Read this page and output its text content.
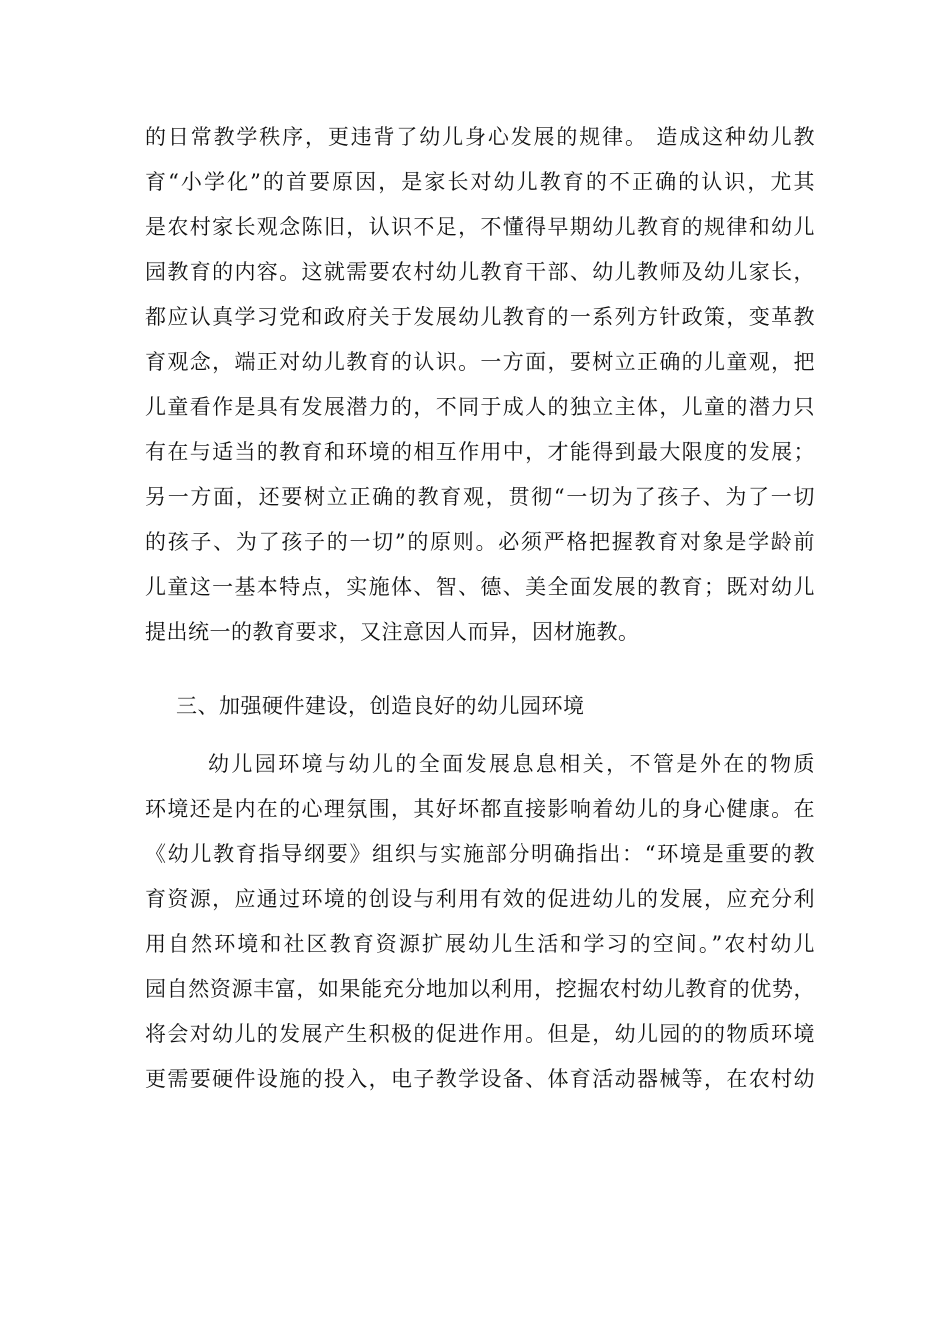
的日常教学秩序，更违背了幼儿身心发展的规律。 造成这种幼儿教
育“小学化”的首要原因，是家长对幼儿教育的不正确的认识，尤其
是农村家长观念陈旧，认识不足，不懂得早期幼儿教育的规律和幼儿
园教育的内容。这就需要农村幼儿教育干部、幼儿教师及幼儿家长，
都应认真学习党和政府关于发展幼儿教育的一系列方针政策，变革教
育观念，端正对幼儿教育的认识。一方面，要树立正确的儿童观，把
儿童看作是具有发展潜力的，不同于成人的独立主体，儿童的潜力只
有在与适当的教育和环境的相互作用中，才能得到最大限度的发展；
另一方面，还要树立正确的教育观，贯彻“一切为了孩子、为了一切
的孩子、为了孩子的一切”的原则。必须严格把握教育对象是学龄前
儿童这一基本特点，实施体、智、德、美全面发展的教育；既对幼儿
提出统一的教育要求，又注意因人而异，因材施教。
三、加强硬件建设，创造良好的幼儿园环境
幼儿园环境与幼儿的全面发展息息相关，不管是外在的物质
环境还是内在的心理氛围，其好坏都直接影响着幼儿的身心健康。在
《幼儿教育指导纲要》组织与实施部分明确指出：“环境是重要的教
育资源，应通过环境的创设与利用有效的促进幼儿的发展，应充分利
用自然环境和社区教育资源扩展幼儿生活和学习的空间。”农村幼儿
园自然资源丰富，如果能充分地加以利用，挖掘农村幼儿教育的优势，
将会对幼儿的发展产生积极的促进作用。但是，幼儿园的的物质环境
更需要硬件设施的投入，电子教学设备、体育活动器械等，在农村幼
